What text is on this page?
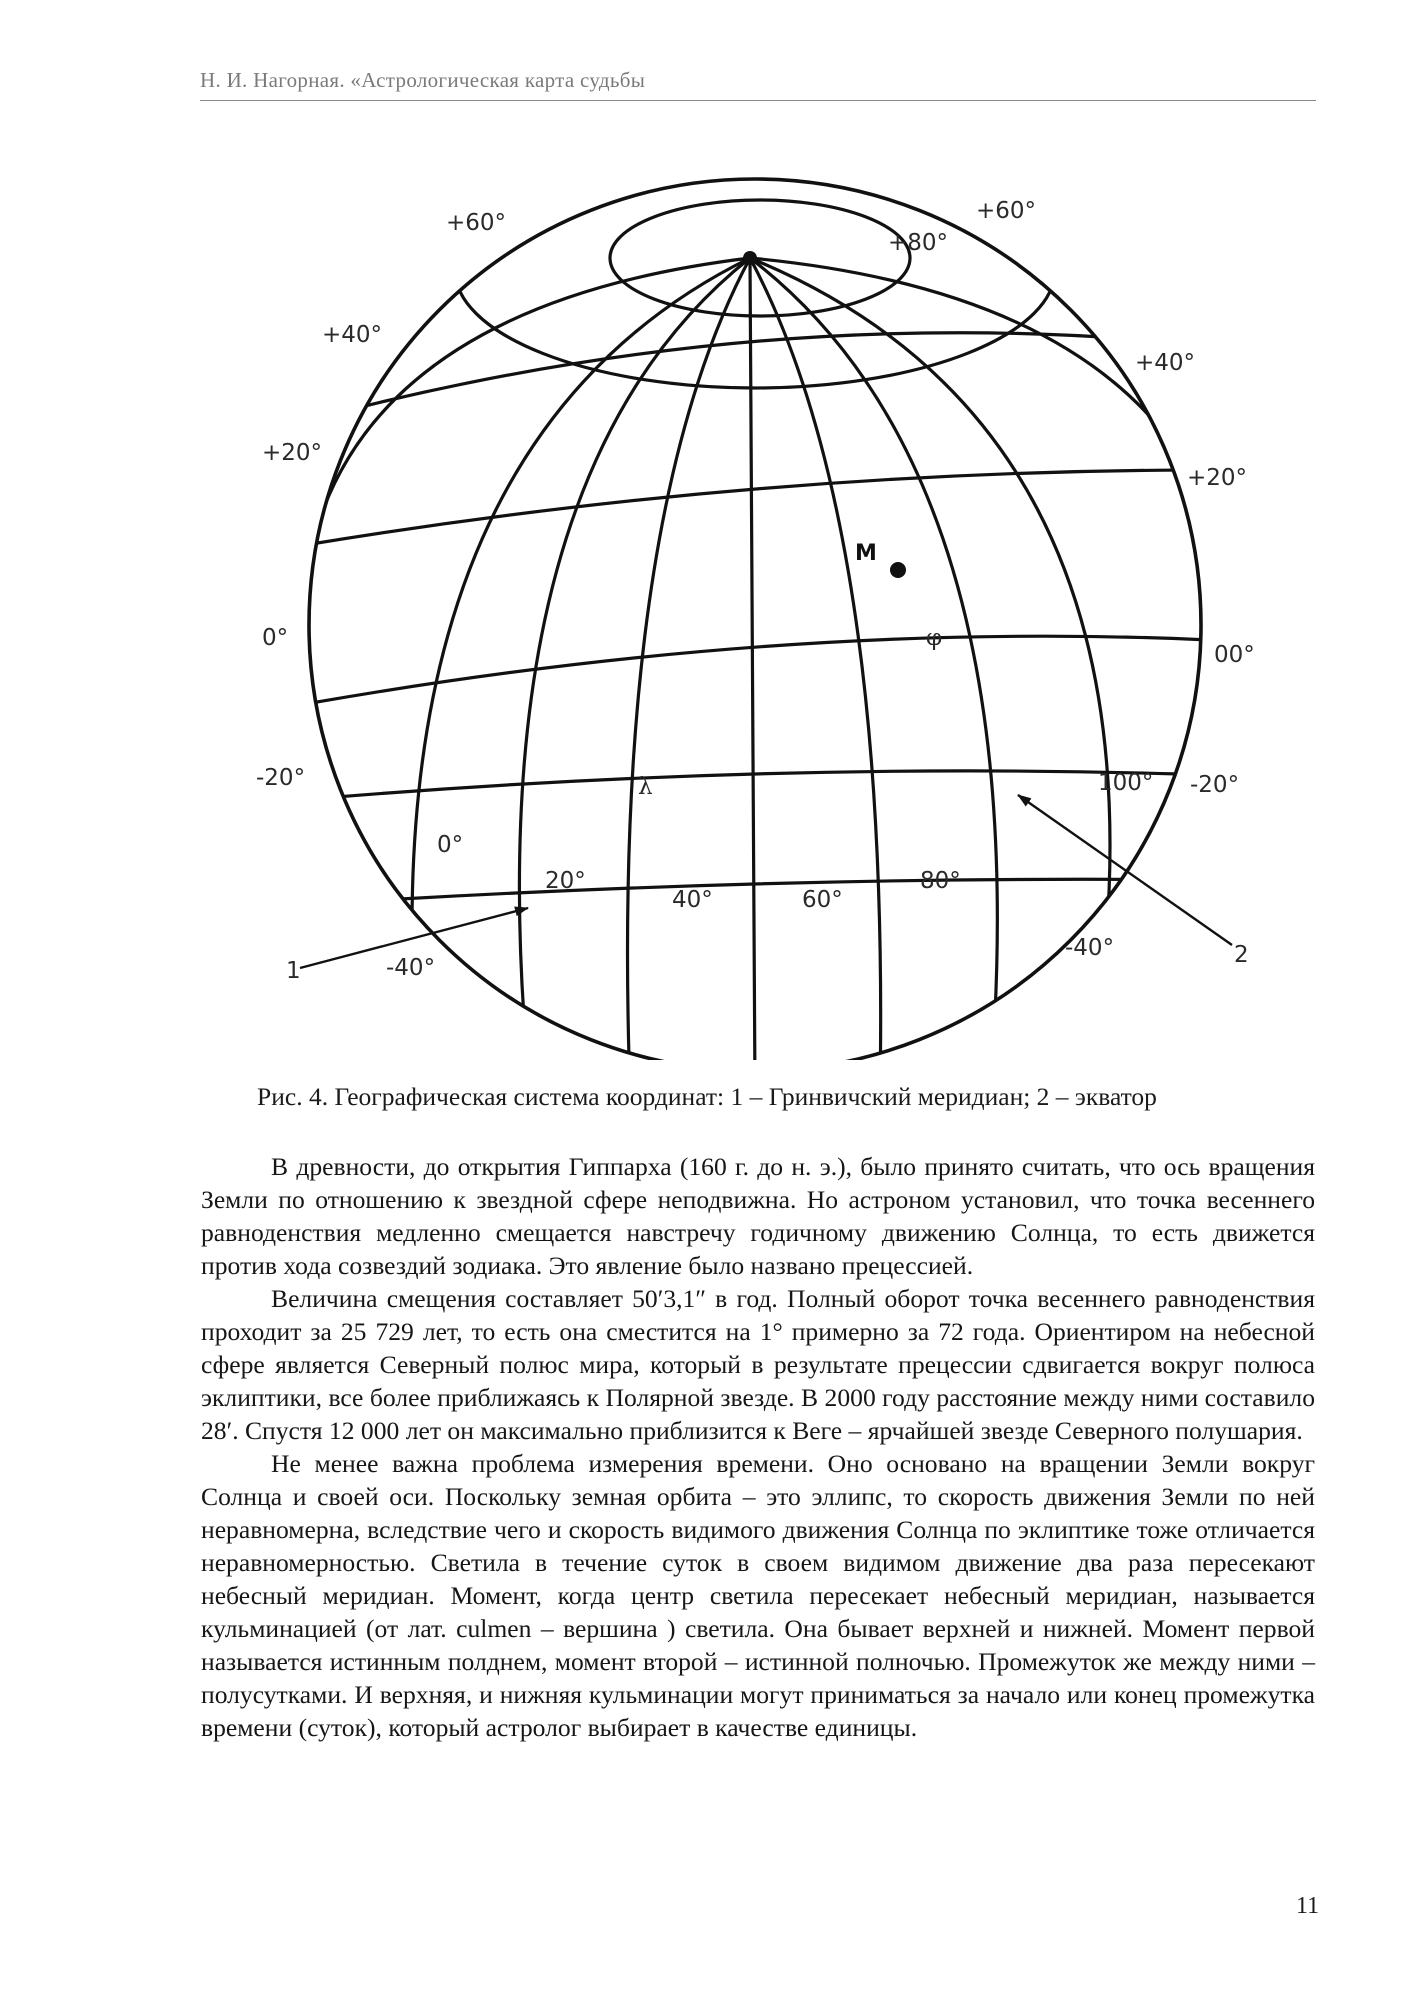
Н. И. Нагорная. «Астрологическая карта судьбы
+60°
+40°
+20°
0°
-20°
-40°
+60°
+80°
+40°
+20°
00°
-20°
-40°
0°
20°
40°	60°
80°
100°
М
φ
λ
1
2
Рис. 4. Географическая система координат: 1 – Гринвичский меридиан; 2 – экватор

В древности, до открытия Гиппарха (160 г. до н. э.), было принято считать, что ось вращения Земли по отношению к звездной сфере неподвижна. Но астроном установил, что точка весеннего равноденствия медленно смещается навстречу годичному движению Солнца, то есть движется против хода созвездий зодиака. Это явление было названо прецессией.

Величина смещения составляет 50′3,1″ в год. Полный оборот точка весеннего равноденствия проходит за 25 729 лет, то есть она сместится на 1° примерно за 72 года. Ориентиром на небесной сфере является Северный полюс мира, который в результате прецессии сдвигается вокруг полюса эклиптики, все более приближаясь к Полярной звезде. В 2000 году расстояние между ними составило 28′. Спустя 12 000 лет он максимально приблизится к Веге – ярчайшей звезде Северного полушария.

Не менее важна проблема измерения времени. Оно основано на вращении Земли вокруг Солнца и своей оси. Поскольку земная орбита – это эллипс, то скорость движения Земли по ней неравномерна, вследствие чего и скорость видимого движения Солнца по эклиптике тоже отличается неравномерностью. Светила в течение суток в своем видимом движение два раза пересекают небесный меридиан. Момент, когда центр светила пересекает небесный меридиан, называется кульминацией (от лат. culmen – вершина ) светила. Она бывает верхней и нижней. Момент первой называется истинным полднем, момент второй – истинной полночью. Промежуток же между ними – полусутками. И верхняя, и нижняя кульминации могут приниматься за начало или конец промежутка времени (суток), который астролог выбирает в качестве единицы.

11
